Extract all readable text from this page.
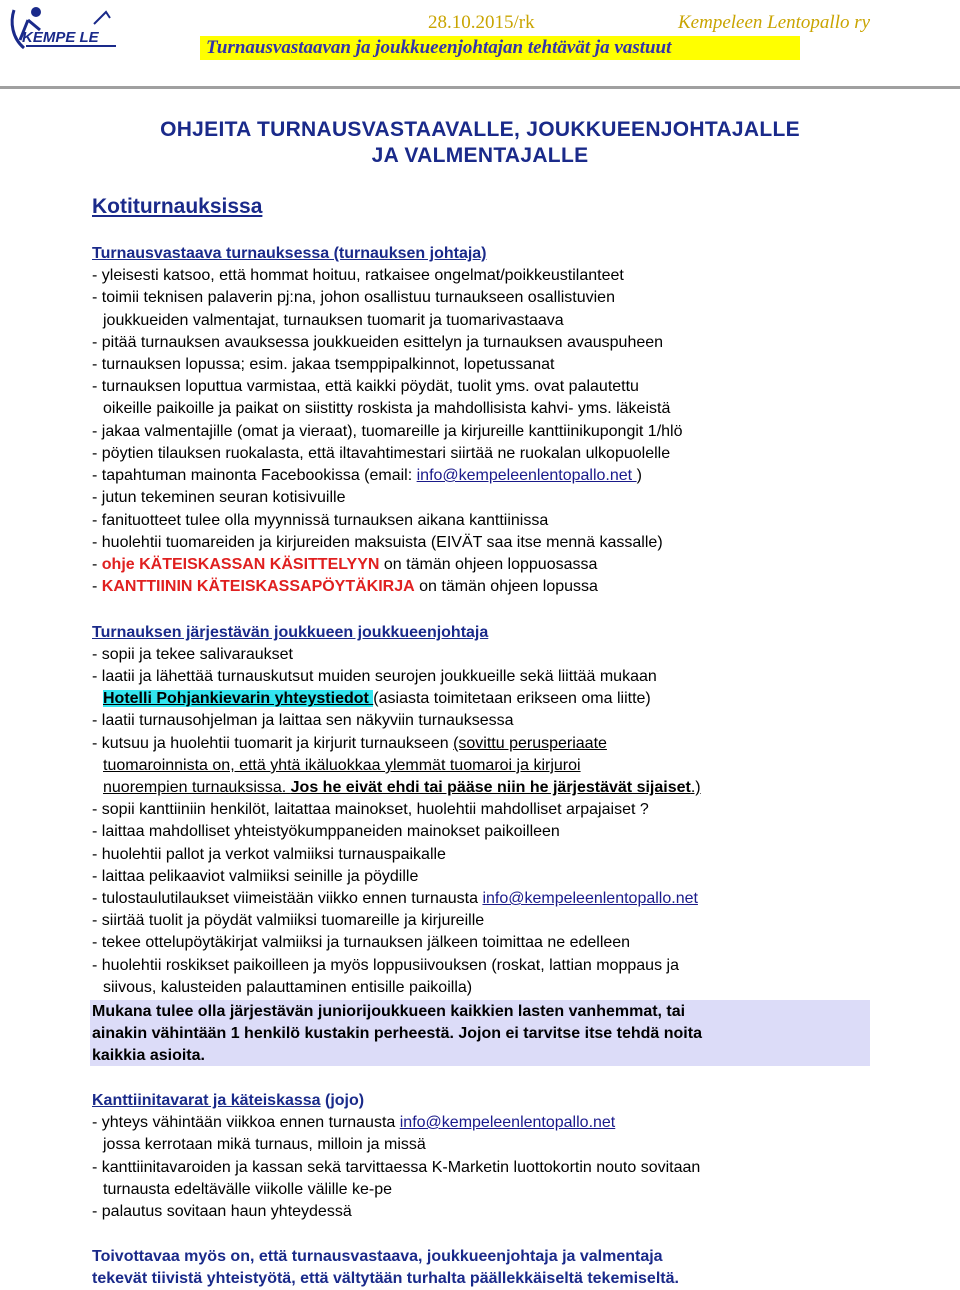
KEMPE LE
28.10.2015/rk	Kempeleen Lentopallo ry
Turnausvastaavan ja joukkueenjohtajan tehtävät ja vastuut
OHJEITA TURNAUSVASTAAVALLE, JOUKKUEENJOHTAJALLE
JA VALMENTAJALLE
Kotiturnauksissa
Turnausvastaava turnauksessa (turnauksen johtaja)
- yleisesti katsoo, että hommat hoituu, ratkaisee ongelmat/poikkeustilanteet
- toimii teknisen palaverin pj:na, johon osallistuu turnaukseen osallistuvien
joukkueiden valmentajat, turnauksen tuomarit ja tuomarivastaava
- pitää turnauksen avauksessa joukkueiden esittelyn ja turnauksen avauspuheen
- turnauksen lopussa; esim. jakaa tsemppipalkinnot, lopetussanat
- turnauksen loputtua varmistaa, että kaikki pöydät, tuolit yms. ovat palautettu
oikeille paikoille ja paikat on siistitty roskista ja mahdollisista kahvi- yms. läkeistä
- jakaa valmentajille (omat ja vieraat), tuomareille ja kirjureille kanttiinikupongit 1/hlö
- pöytien tilauksen ruokalasta, että iltavahtimestari siirtää ne ruokalan ulkopuolelle
- tapahtuman mainonta Facebookissa (email: info@kempeleenlentopallo.net )
- jutun tekeminen seuran kotisivuille
- fanituotteet tulee olla myynnissä turnauksen aikana kanttiinissa
- huolehtii tuomareiden ja kirjureiden maksuista (EIVÄT saa itse mennä kassalle)
- ohje KÄTEISKASSAN KÄSITTELYYN on tämän ohjeen loppuosassa
- KANTTIININ KÄTEISKASSAPÖYTÄKIRJA on tämän ohjeen lopussa
Turnauksen järjestävän joukkueen joukkueenjohtaja
- sopii ja tekee salivaraukset
- laatii ja lähettää turnauskutsut muiden seurojen joukkueille sekä liittää mukaan
Hotelli Pohjankievarin yhteystiedot (asiasta toimitetaan erikseen oma liitte)
- laatii turnausohjelman ja laittaa sen näkyviin turnauksessa
- kutsuu ja huolehtii tuomarit ja kirjurit turnaukseen (sovittu perusperiaate
tuomaroinnista on, että yhtä ikäluokkaa ylemmät tuomaroi ja kirjuroi
nuorempien turnauksissa. Jos he eivät ehdi tai pääse niin he järjestävät sijaiset.)
- sopii kanttiiniin henkilöt, laitattaa mainokset, huolehtii mahdolliset arpajaiset ?
- laittaa mahdolliset yhteistyökumppaneiden mainokset paikoilleen
- huolehtii pallot ja verkot valmiiksi turnauspaikalle
- laittaa pelikaaviot valmiiksi seinille ja pöydille
- tulostaulutilaukset viimeistään viikko ennen turnausta info@kempeleenlentopallo.net
- siirtää tuolit ja pöydät valmiiksi tuomareille ja kirjureille
- tekee ottelupöytäkirjat valmiiksi ja turnauksen jälkeen toimittaa ne edelleen
- huolehtii roskikset paikoilleen ja myös loppusiivouksen (roskat, lattian moppaus ja
siivous, kalusteiden palauttaminen entisille paikoilla)
Mukana tulee olla järjestävän juniorijoukkueen kaikkien lasten vanhemmat, tai
ainakin vähintään 1 henkilö kustakin perheestä. Jojon ei tarvitse itse tehdä noita
kaikkia asioita.
Kanttiinitavarat ja käteiskassa (jojo)
- yhteys vähintään viikkoa ennen turnausta info@kempeleenlentopallo.net
jossa kerrotaan mikä turnaus, milloin ja missä
- kanttiinitavaroiden ja kassan sekä tarvittaessa K-Marketin luottokortin nouto sovitaan
turnausta edeltävälle viikolle välille ke-pe
- palautus sovitaan haun yhteydessä
Toivottavaa myös on, että turnausvastaava, joukkueenjohtaja ja valmentaja
tekevät tiivistä yhteistyötä, että vältytään turhalta päällekkäiseltä tekemiseltä.
